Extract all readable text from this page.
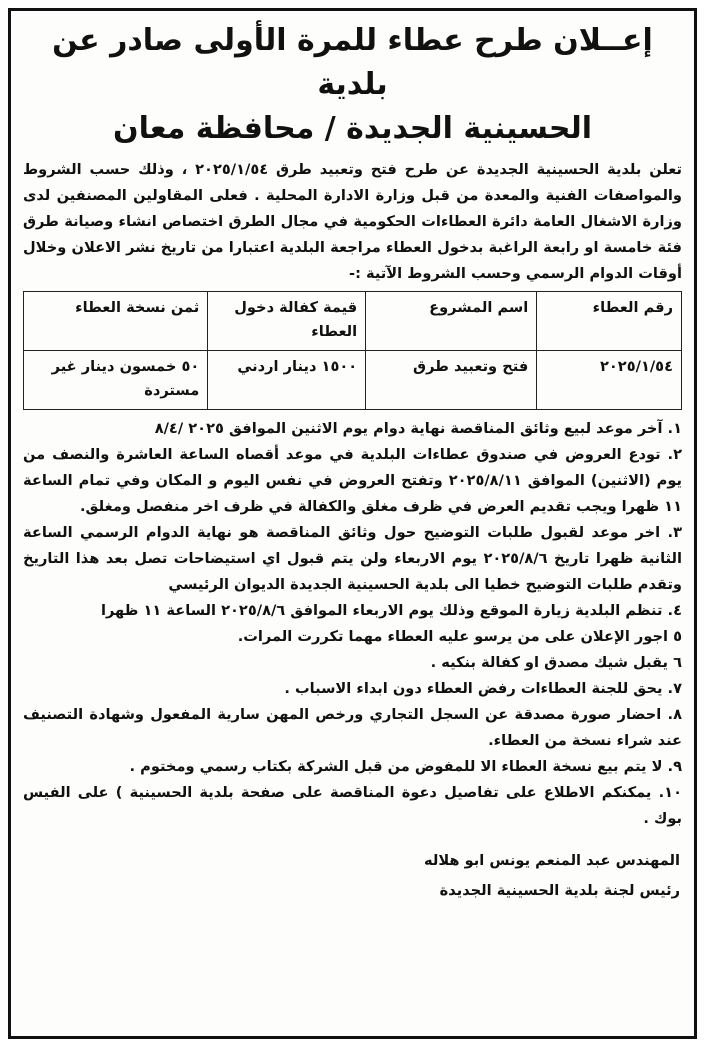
إعــلان طرح عطاء للمرة الأولى صادر عن بلدية
الحسينية الجديدة / محافظة معان

تعلن بلدية الحسينية الجديدة عن طرح فتح وتعبيد طرق ٢٠٢٥/١/٥٤ ، وذلك حسب الشروط والمواصفات الفنية والمعدة من قبل وزارة الادارة المحلية . فعلى المقاولين المصنفين لدى وزارة الاشغال العامة دائرة العطاءات الحكومية في مجال الطرق اختصاص انشاء وصيانة طرق فئة خامسة او رابعة الراغبة بدخول العطاء مراجعة البلدية اعتبارا من تاريخ نشر الاعلان وخلال أوقات الدوام الرسمي وحسب الشروط الآتية :-

رقم العطاء	اسم المشروع	قيمة كفالة دخول العطاء	ثمن نسخة العطاء
٢٠٢٥/١/٥٤	فتح وتعبيد طرق	١٥٠٠ دينار اردني	٥٠ خمسون دينار غير مستردة

١. آخر موعد لبيع وثائق المناقصة نهاية دوام يوم الاثنين الموافق ٢٠٢٥ /٨/٤

٢. تودع العروض في صندوق عطاءات البلدية في موعد أقصاه الساعة العاشرة والنصف من يوم (الاثنين) الموافق ٢٠٢٥/٨/١١ وتفتح العروض في نفس اليوم و المكان وفي تمام الساعة ١١ ظهرا ويجب تقديم العرض في ظرف مغلق والكفالة في ظرف اخر منفصل ومغلق.

٣. اخر موعد لقبول طلبات التوضيح حول وثائق المناقصة هو نهاية الدوام الرسمي الساعة الثانية ظهرا تاريخ ٢٠٢٥/٨/٦ يوم الاربعاء ولن يتم قبول اي استيضاحات تصل بعد هذا التاريخ وتقدم طلبات التوضيح خطيا الى بلدية الحسينية الجديدة الديوان الرئيسي

٤. تنظم البلدية زيارة الموقع وذلك يوم الاربعاء الموافق ٢٠٢٥/٨/٦ الساعة ١١ ظهرا

٥ اجور الإعلان على من يرسو عليه العطاء مهما تكررت المرات.

٦ يقبل شيك مصدق او كفالة بنكيه .

٧. يحق للجنة العطاءات رفض العطاء دون ابداء الاسباب .

٨. احضار صورة مصدقة عن السجل التجاري ورخص المهن سارية المفعول وشهادة التصنيف عند شراء نسخة من العطاء.

٩. لا يتم بيع نسخة العطاء الا للمفوض من قبل الشركة بكتاب رسمي ومختوم .

١٠. يمكنكم الاطلاع على تفاصيل دعوة المناقصة على صفحة بلدية الحسينية ) على الفيس بوك .

المهندس عبد المنعم يونس ابو هلاله
رئيس لجنة بلدية الحسينية الجديدة
